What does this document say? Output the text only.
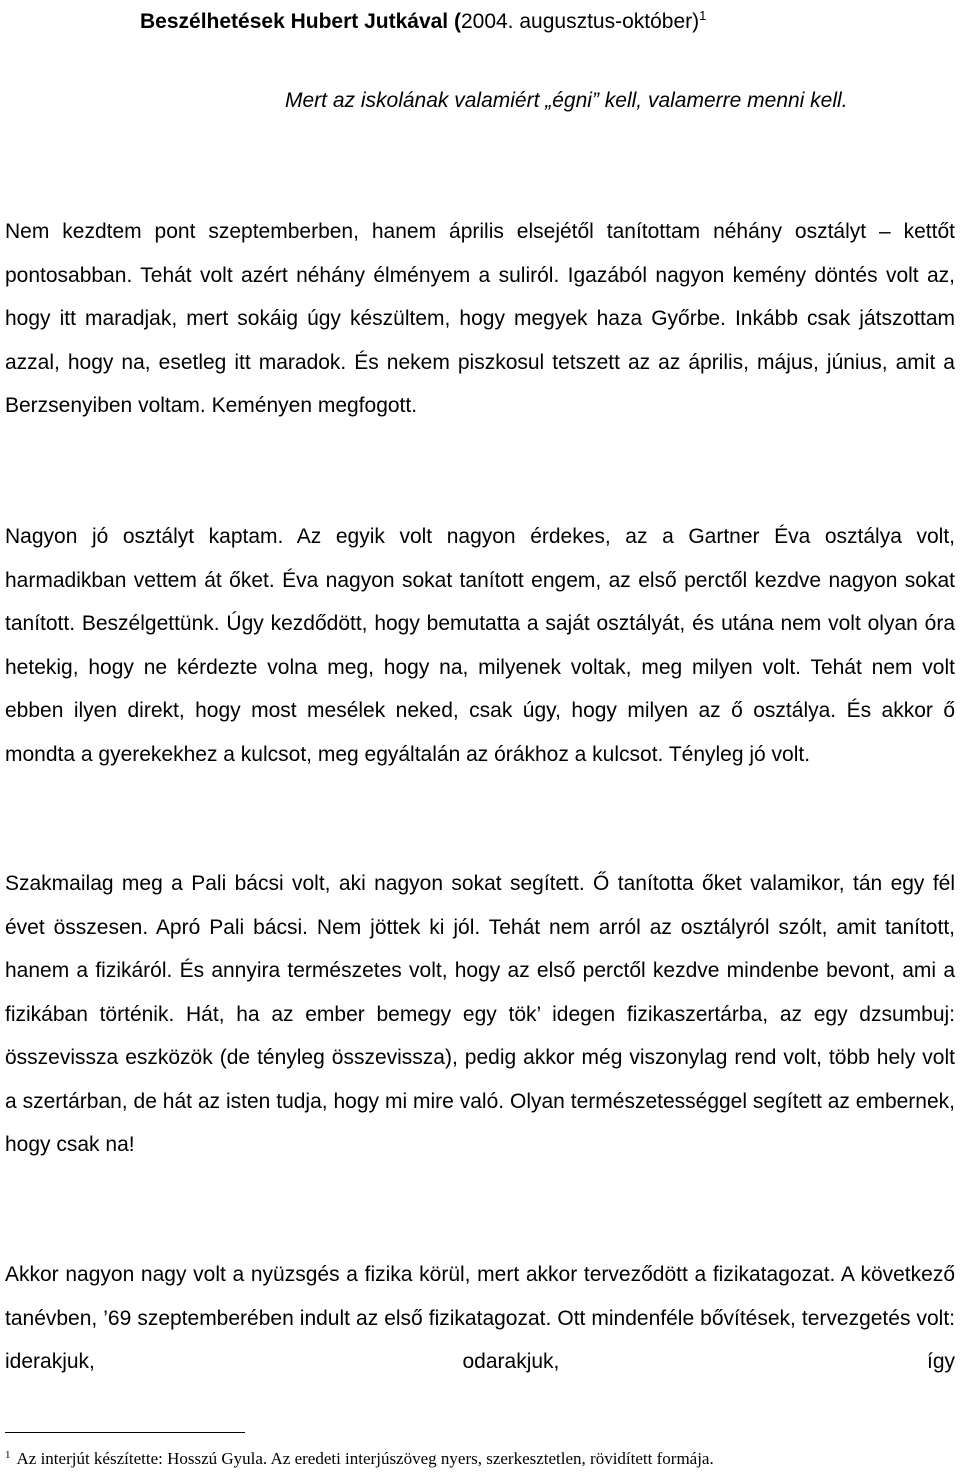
Beszélhetések Hubert Jutkával (2004. augusztus-október)$^1$
Mert az iskolának valamiért „égni” kell, valamerre menni kell.

Nem kezdtem pont szeptemberben, hanem április elsejétől tanítottam néhány osztályt – kettőt pontosabban. Tehát volt azért néhány élményem a suliról. Igazából nagyon kemény döntés volt az, hogy itt maradjak, mert sokáig úgy készültem, hogy megyek haza Győrbe. Inkább csak játszottam azzal, hogy na, esetleg itt maradok. És nekem piszkosul tetszett az az április, május, június, amit a Berzsenyiben voltam. Keményen megfogott.

Nagyon jó osztályt kaptam. Az egyik volt nagyon érdekes, az a Gartner Éva osztálya volt, harmadikban vettem át őket. Éva nagyon sokat tanított engem, az első perctől kezdve nagyon sokat tanított. Beszélgettünk. Úgy kezdődött, hogy bemutatta a saját osztályát, és utána nem volt olyan óra hetekig, hogy ne kérdezte volna meg, hogy na, milyenek voltak, meg milyen volt. Tehát nem volt ebben ilyen direkt, hogy most mesélek neked, csak úgy, hogy milyen az ő osztálya. És akkor ő mondta a gyerekekhez a kulcsot, meg egyáltalán az órákhoz a kulcsot. Tényleg jó volt.

Szakmailag meg a Pali bácsi volt, aki nagyon sokat segített. Ő tanította őket valamikor, tán egy fél évet összesen. Apró Pali bácsi. Nem jöttek ki jól. Tehát nem arról az osztályról szólt, amit tanított, hanem a fizikáról. És annyira természetes volt, hogy az első perctől kezdve mindenbe bevont, ami a fizikában történik. Hát, ha az ember bemegy egy tök’ idegen fizikaszertárba, az egy dzsumbuj: összevissza eszközök (de tényleg összevissza), pedig akkor még viszonylag rend volt, több hely volt a szertárban, de hát az isten tudja, hogy mi mire való. Olyan természetességgel segített az embernek, hogy csak na!

Akkor nagyon nagy volt a nyüzsgés a fizika körül, mert akkor terveződött a fizikatagozat. A következő tanévben, ’69 szeptemberében indult az első fizikatagozat. Ott mindenféle bővítések, tervezgetés volt: iderakjuk, odarakjuk, így

$^1$ Az interjút készítette: Hosszú Gyula. Az eredeti interjúszöveg nyers, szerkesztetlen, rövidített formája.
